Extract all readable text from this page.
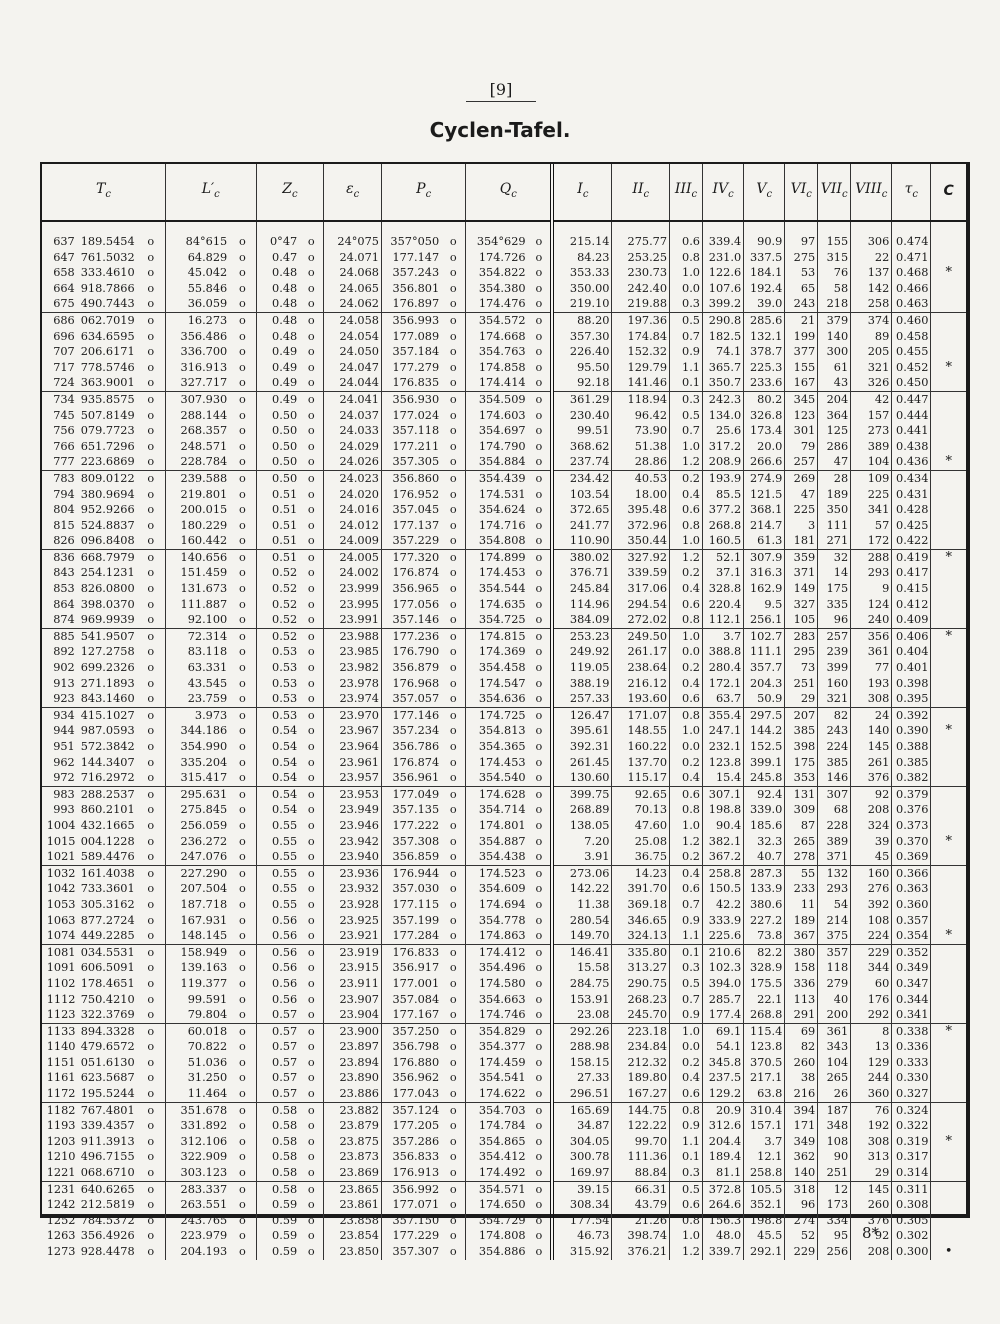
[9]
Cyclen-Tafel.
$T_c$		$L'_c$		$Z_c$		$\varepsilon_c$	$P_c$		$Q_c$		$I_c$	$II_c$	$III_c$	$IV_c$	$V_c$	$VI_c$	$VII_c$	$VIII_c$	$\tau_c$	C

637 189.5454	o	84°615	o	0°47	o	24°075	357°050	o	354°629	o	215.14	275.77	0.6	339.4	90.9	97	155	306	0.474	
647 761.5032	o	64.829	o	0.47	o	24.071	177.147	o	174.726	o	84.23	253.25	0.8	231.0	337.5	275	315	22	0.471	
658 333.4610	o	45.042	o	0.48	o	24.068	357.243	o	354.822	o	353.33	230.73	1.0	122.6	184.1	53	76	137	0.468	*
664 918.7866	o	55.846	o	0.48	o	24.065	356.801	o	354.380	o	350.00	242.40	0.0	107.6	192.4	65	58	142	0.466	
675 490.7443	o	36.059	o	0.48	o	24.062	176.897	o	174.476	o	219.10	219.88	0.3	399.2	39.0	243	218	258	0.463	
686 062.7019	o	16.273	o	0.48	o	24.058	356.993	o	354.572	o	88.20	197.36	0.5	290.8	285.6	21	379	374	0.460	
696 634.6595	o	356.486	o	0.48	o	24.054	177.089	o	174.668	o	357.30	174.84	0.7	182.5	132.1	199	140	89	0.458	
707 206.6171	o	336.700	o	0.49	o	24.050	357.184	o	354.763	o	226.40	152.32	0.9	74.1	378.7	377	300	205	0.455	
717 778.5746	o	316.913	o	0.49	o	24.047	177.279	o	174.858	o	95.50	129.79	1.1	365.7	225.3	155	61	321	0.452	*
724 363.9001	o	327.717	o	0.49	o	24.044	176.835	o	174.414	o	92.18	141.46	0.1	350.7	233.6	167	43	326	0.450	
734 935.8575	o	307.930	o	0.49	o	24.041	356.930	o	354.509	o	361.29	118.94	0.3	242.3	80.2	345	204	42	0.447	
745 507.8149	o	288.144	o	0.50	o	24.037	177.024	o	174.603	o	230.40	96.42	0.5	134.0	326.8	123	364	157	0.444	
756 079.7723	o	268.357	o	0.50	o	24.033	357.118	o	354.697	o	99.51	73.90	0.7	25.6	173.4	301	125	273	0.441	
766 651.7296	o	248.571	o	0.50	o	24.029	177.211	o	174.790	o	368.62	51.38	1.0	317.2	20.0	79	286	389	0.438	
777 223.6869	o	228.784	o	0.50	o	24.026	357.305	o	354.884	o	237.74	28.86	1.2	208.9	266.6	257	47	104	0.436	*
783 809.0122	o	239.588	o	0.50	o	24.023	356.860	o	354.439	o	234.42	40.53	0.2	193.9	274.9	269	28	109	0.434	
794 380.9694	o	219.801	o	0.51	o	24.020	176.952	o	174.531	o	103.54	18.00	0.4	85.5	121.5	47	189	225	0.431	
804 952.9266	o	200.015	o	0.51	o	24.016	357.045	o	354.624	o	372.65	395.48	0.6	377.2	368.1	225	350	341	0.428	
815 524.8837	o	180.229	o	0.51	o	24.012	177.137	o	174.716	o	241.77	372.96	0.8	268.8	214.7	3	111	57	0.425	
826 096.8408	o	160.442	o	0.51	o	24.009	357.229	o	354.808	o	110.90	350.44	1.0	160.5	61.3	181	271	172	0.422	
836 668.7979	o	140.656	o	0.51	o	24.005	177.320	o	174.899	o	380.02	327.92	1.2	52.1	307.9	359	32	288	0.419	*
843 254.1231	o	151.459	o	0.52	o	24.002	176.874	o	174.453	o	376.71	339.59	0.2	37.1	316.3	371	14	293	0.417	
853 826.0800	o	131.673	o	0.52	o	23.999	356.965	o	354.544	o	245.84	317.06	0.4	328.8	162.9	149	175	9	0.415	
864 398.0370	o	111.887	o	0.52	o	23.995	177.056	o	174.635	o	114.96	294.54	0.6	220.4	9.5	327	335	124	0.412	
874 969.9939	o	92.100	o	0.52	o	23.991	357.146	o	354.725	o	384.09	272.02	0.8	112.1	256.1	105	96	240	0.409	
885 541.9507	o	72.314	o	0.52	o	23.988	177.236	o	174.815	o	253.23	249.50	1.0	3.7	102.7	283	257	356	0.406	*
892 127.2758	o	83.118	o	0.53	o	23.985	176.790	o	174.369	o	249.92	261.17	0.0	388.8	111.1	295	239	361	0.404	
902 699.2326	o	63.331	o	0.53	o	23.982	356.879	o	354.458	o	119.05	238.64	0.2	280.4	357.7	73	399	77	0.401	
913 271.1893	o	43.545	o	0.53	o	23.978	176.968	o	174.547	o	388.19	216.12	0.4	172.1	204.3	251	160	193	0.398	
923 843.1460	o	23.759	o	0.53	o	23.974	357.057	o	354.636	o	257.33	193.60	0.6	63.7	50.9	29	321	308	0.395	
934 415.1027	o	3.973	o	0.53	o	23.970	177.146	o	174.725	o	126.47	171.07	0.8	355.4	297.5	207	82	24	0.392	
944 987.0593	o	344.186	o	0.54	o	23.967	357.234	o	354.813	o	395.61	148.55	1.0	247.1	144.2	385	243	140	0.390	*
951 572.3842	o	354.990	o	0.54	o	23.964	356.786	o	354.365	o	392.31	160.22	0.0	232.1	152.5	398	224	145	0.388	
962 144.3407	o	335.204	o	0.54	o	23.961	176.874	o	174.453	o	261.45	137.70	0.2	123.8	399.1	175	385	261	0.385	
972 716.2972	o	315.417	o	0.54	o	23.957	356.961	o	354.540	o	130.60	115.17	0.4	15.4	245.8	353	146	376	0.382	
983 288.2537	o	295.631	o	0.54	o	23.953	177.049	o	174.628	o	399.75	92.65	0.6	307.1	92.4	131	307	92	0.379	
993 860.2101	o	275.845	o	0.54	o	23.949	357.135	o	354.714	o	268.89	70.13	0.8	198.8	339.0	309	68	208	0.376	
1004 432.1665	o	256.059	o	0.55	o	23.946	177.222	o	174.801	o	138.05	47.60	1.0	90.4	185.6	87	228	324	0.373	
1015 004.1228	o	236.272	o	0.55	o	23.942	357.308	o	354.887	o	7.20	25.08	1.2	382.1	32.3	265	389	39	0.370	*
1021 589.4476	o	247.076	o	0.55	o	23.940	356.859	o	354.438	o	3.91	36.75	0.2	367.2	40.7	278	371	45	0.369	
1032 161.4038	o	227.290	o	0.55	o	23.936	176.944	o	174.523	o	273.06	14.23	0.4	258.8	287.3	55	132	160	0.366	
1042 733.3601	o	207.504	o	0.55	o	23.932	357.030	o	354.609	o	142.22	391.70	0.6	150.5	133.9	233	293	276	0.363	
1053 305.3162	o	187.718	o	0.55	o	23.928	177.115	o	174.694	o	11.38	369.18	0.7	42.2	380.6	11	54	392	0.360	
1063 877.2724	o	167.931	o	0.56	o	23.925	357.199	o	354.778	o	280.54	346.65	0.9	333.9	227.2	189	214	108	0.357	
1074 449.2285	o	148.145	o	0.56	o	23.921	177.284	o	174.863	o	149.70	324.13	1.1	225.6	73.8	367	375	224	0.354	*
1081 034.5531	o	158.949	o	0.56	o	23.919	176.833	o	174.412	o	146.41	335.80	0.1	210.6	82.2	380	357	229	0.352	
1091 606.5091	o	139.163	o	0.56	o	23.915	356.917	o	354.496	o	15.58	313.27	0.3	102.3	328.9	158	118	344	0.349	
1102 178.4651	o	119.377	o	0.56	o	23.911	177.001	o	174.580	o	284.75	290.75	0.5	394.0	175.5	336	279	60	0.347	
1112 750.4210	o	99.591	o	0.56	o	23.907	357.084	o	354.663	o	153.91	268.23	0.7	285.7	22.1	113	40	176	0.344	
1123 322.3769	o	79.804	o	0.57	o	23.904	177.167	o	174.746	o	23.08	245.70	0.9	177.4	268.8	291	200	292	0.341	
1133 894.3328	o	60.018	o	0.57	o	23.900	357.250	o	354.829	o	292.26	223.18	1.0	69.1	115.4	69	361	8	0.338	*
1140 479.6572	o	70.822	o	0.57	o	23.897	356.798	o	354.377	o	288.98	234.84	0.0	54.1	123.8	82	343	13	0.336	
1151 051.6130	o	51.036	o	0.57	o	23.894	176.880	o	174.459	o	158.15	212.32	0.2	345.8	370.5	260	104	129	0.333	
1161 623.5687	o	31.250	o	0.57	o	23.890	356.962	o	354.541	o	27.33	189.80	0.4	237.5	217.1	38	265	244	0.330	
1172 195.5244	o	11.464	o	0.57	o	23.886	177.043	o	174.622	o	296.51	167.27	0.6	129.2	63.8	216	26	360	0.327	
1182 767.4801	o	351.678	o	0.58	o	23.882	357.124	o	354.703	o	165.69	144.75	0.8	20.9	310.4	394	187	76	0.324	
1193 339.4357	o	331.892	o	0.58	o	23.879	177.205	o	174.784	o	34.87	122.22	0.9	312.6	157.1	171	348	192	0.322	
1203 911.3913	o	312.106	o	0.58	o	23.875	357.286	o	354.865	o	304.05	99.70	1.1	204.4	3.7	349	108	308	0.319	*
1210 496.7155	o	322.909	o	0.58	o	23.873	356.833	o	354.412	o	300.78	111.36	0.1	189.4	12.1	362	90	313	0.317	
1221 068.6710	o	303.123	o	0.58	o	23.869	176.913	o	174.492	o	169.97	88.84	0.3	81.1	258.8	140	251	29	0.314	
1231 640.6265	o	283.337	o	0.58	o	23.865	356.992	o	354.571	o	39.15	66.31	0.5	372.8	105.5	318	12	145	0.311	
1242 212.5819	o	263.551	o	0.59	o	23.861	177.071	o	174.650	o	308.34	43.79	0.6	264.6	352.1	96	173	260	0.308	
1252 784.5372	o	243.765	o	0.59	o	23.858	357.150	o	354.729	o	177.54	21.26	0.8	156.3	198.8	274	334	376	0.305	
1263 356.4926	o	223.979	o	0.59	o	23.854	177.229	o	174.808	o	46.73	398.74	1.0	48.0	45.5	52	95	92	0.302	
1273 928.4478	o	204.193	o	0.59	o	23.850	357.307	o	354.886	o	315.92	376.21	1.2	339.7	292.1	229	256	208	0.300	•
8*
